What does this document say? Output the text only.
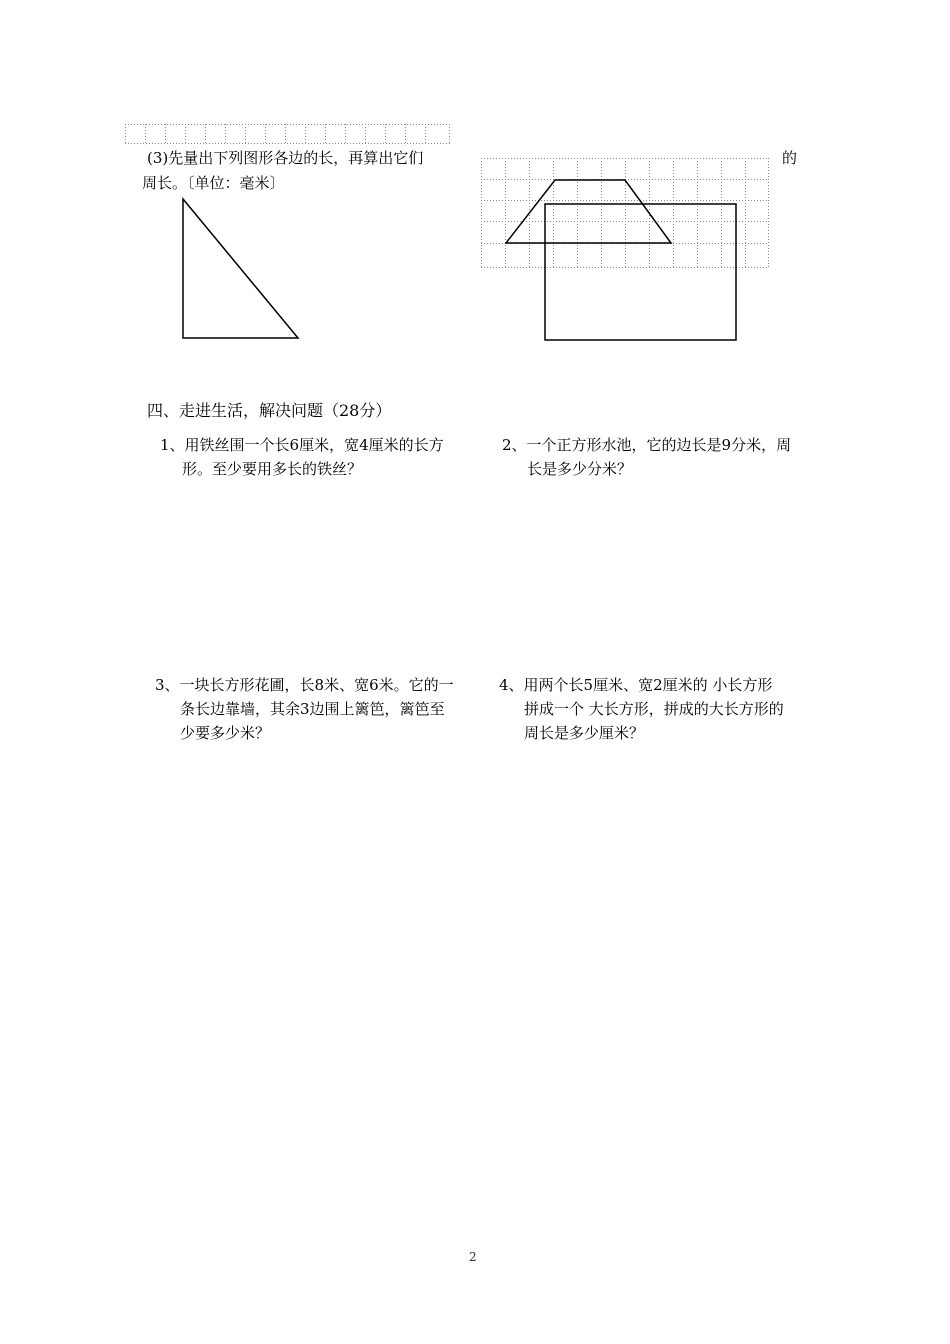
(3)先量出下列图形各边的长，再算出它们	的
周长。〔单位：毫米〕
四、走进生活，解决问题（28分）
1、用铁丝围一个长6厘米，宽4厘米的长方
形。至少要用多长的铁丝？
2、一个正方形水池，它的边长是9分米，周
长是多少分米？
3、一块长方形花圃，长8米、宽6米。它的一
条长边靠墙，其余3边围上篱笆，篱笆至
少要多少米？
4、用两个长5厘米、宽2厘米的 小长方形
拼成一个 大长方形，拼成的大长方形的
周长是多少厘米？
2
